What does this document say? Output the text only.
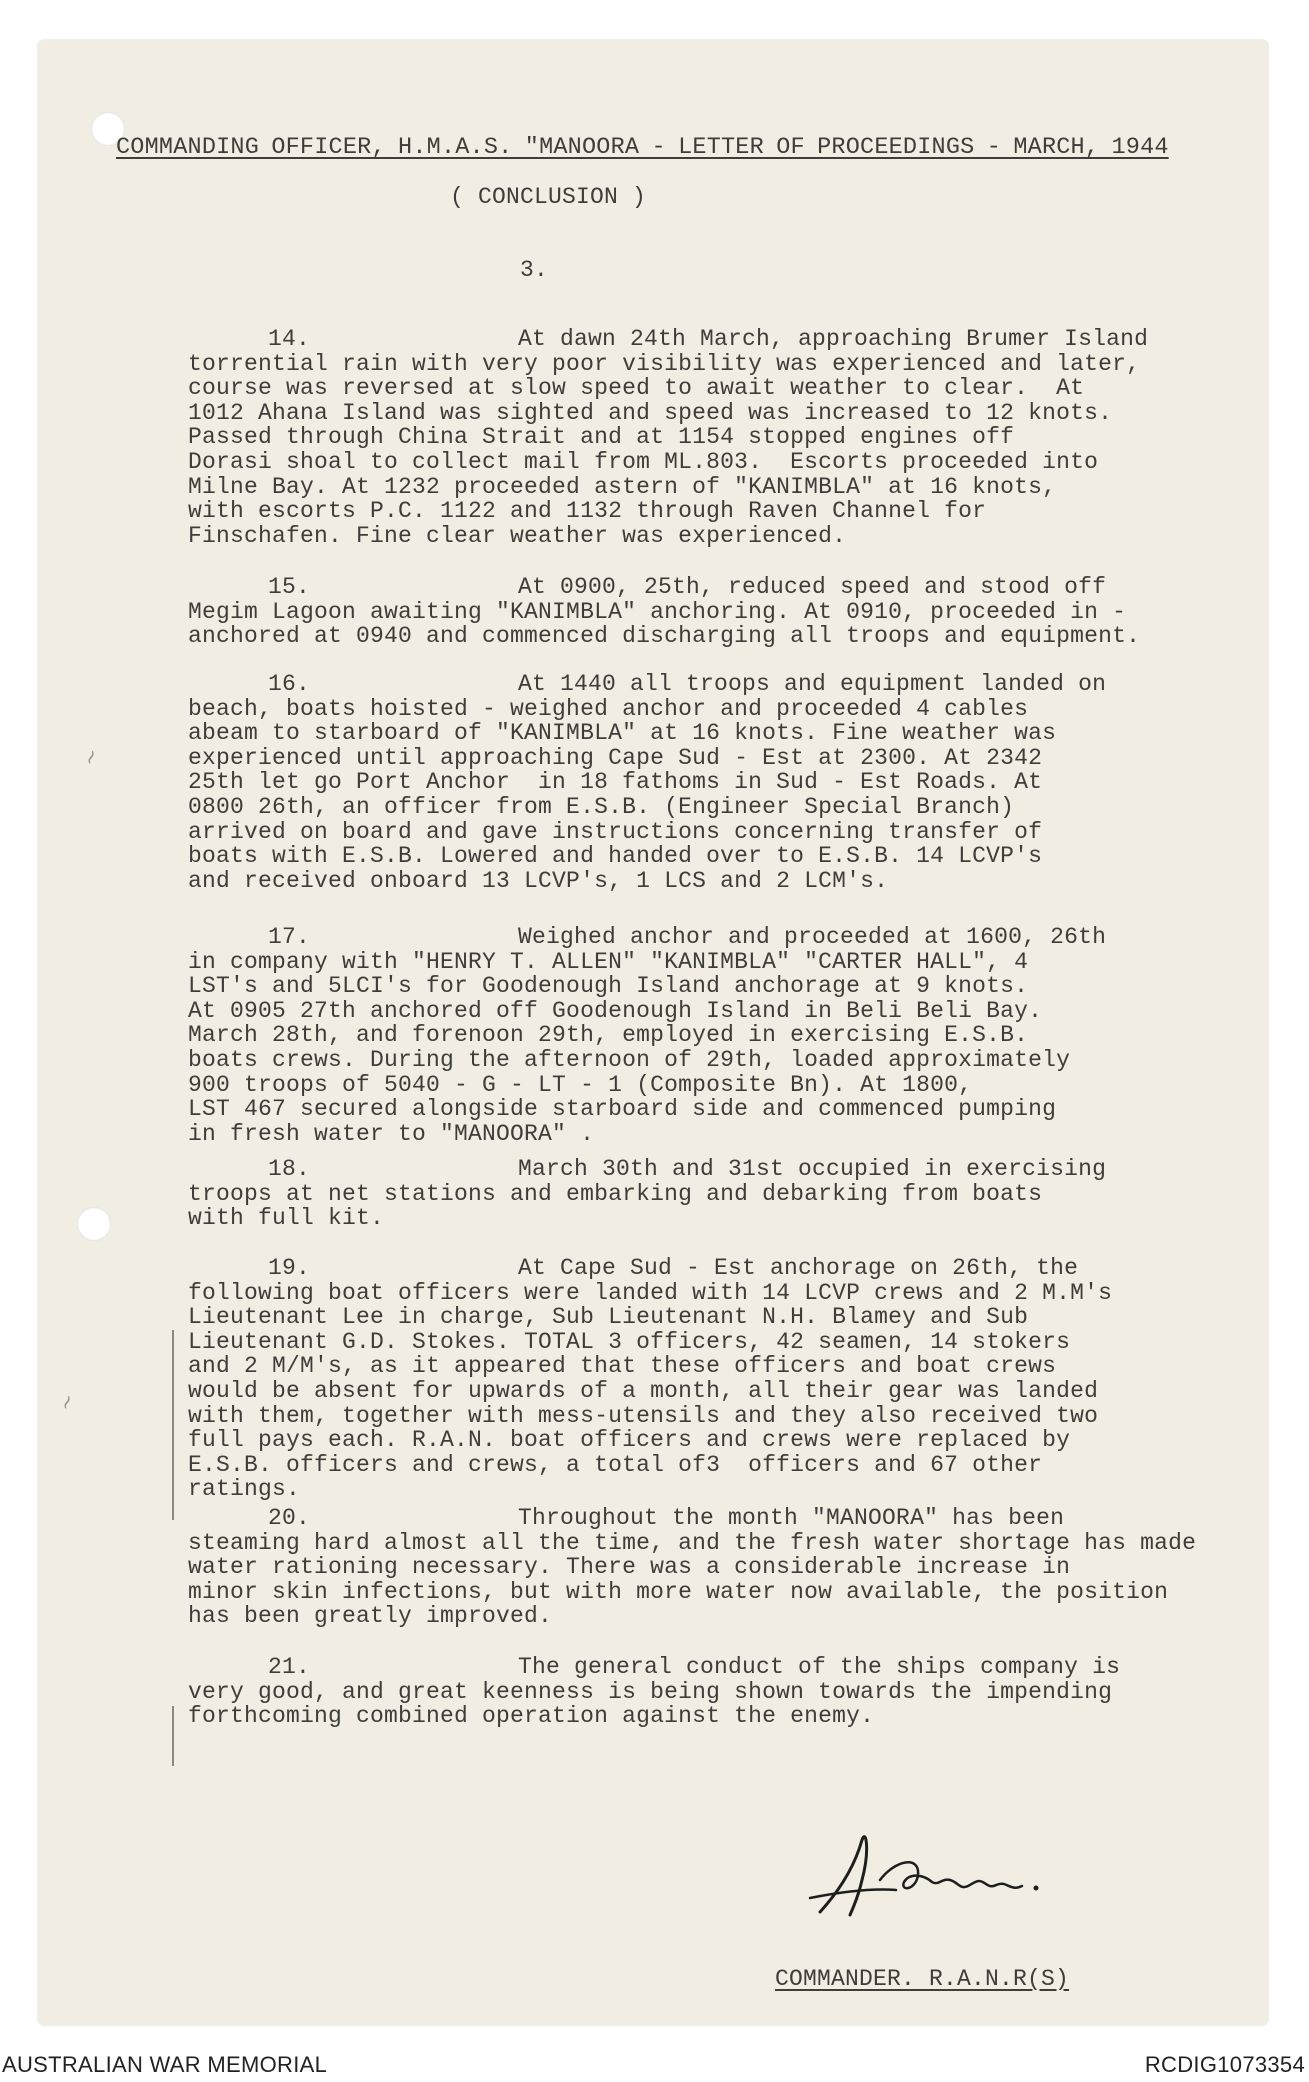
COMMANDING OFFICER, H.M.A.S. "MANOORA - LETTER OF PROCEEDINGS - MARCH, 1944
( CONCLUSION )
3.
14.	At dawn 24th March, approaching Brumer Island
torrential rain with very poor visibility was experienced and later,
course was reversed at slow speed to await weather to clear.  At
1012 Ahana Island was sighted and speed was increased to 12 knots.
Passed through China Strait and at 1154 stopped engines off
Dorasi shoal to collect mail from ML.803.  Escorts proceeded into
Milne Bay. At 1232 proceeded astern of "KANIMBLA" at 16 knots,
with escorts P.C. 1122 and 1132 through Raven Channel for
Finschafen. Fine clear weather was experienced.
15.	At 0900, 25th, reduced speed and stood off
Megim Lagoon awaiting "KANIMBLA" anchoring. At 0910, proceeded in -
anchored at 0940 and commenced discharging all troops and equipment.
16.	At 1440 all troops and equipment landed on
beach, boats hoisted - weighed anchor and proceeded 4 cables
abeam to starboard of "KANIMBLA" at 16 knots. Fine weather was
experienced until approaching Cape Sud - Est at 2300. At 2342
25th let go Port Anchor  in 18 fathoms in Sud - Est Roads. At
0800 26th, an officer from E.S.B. (Engineer Special Branch)
arrived on board and gave instructions concerning transfer of
boats with E.S.B. Lowered and handed over to E.S.B. 14 LCVP's
and received onboard 13 LCVP's, 1 LCS and 2 LCM's.
17.	Weighed anchor and proceeded at 1600, 26th
in company with "HENRY T. ALLEN" "KANIMBLA" "CARTER HALL", 4
LST's and 5LCI's for Goodenough Island anchorage at 9 knots.
At 0905 27th anchored off Goodenough Island in Beli Beli Bay.
March 28th, and forenoon 29th, employed in exercising E.S.B.
boats crews. During the afternoon of 29th, loaded approximately
900 troops of 5040 - G - LT - 1 (Composite Bn). At 1800,
LST 467 secured alongside starboard side and commenced pumping
in fresh water to "MANOORA" .
18.	March 30th and 31st occupied in exercising
troops at net stations and embarking and debarking from boats
with full kit.
19.	At Cape Sud - Est anchorage on 26th, the
following boat officers were landed with 14 LCVP crews and 2 M.M's
Lieutenant Lee in charge, Sub Lieutenant N.H. Blamey and Sub
Lieutenant G.D. Stokes. TOTAL 3 officers, 42 seamen, 14 stokers
and 2 M/M's, as it appeared that these officers and boat crews
would be absent for upwards of a month, all their gear was landed
with them, together with mess-utensils and they also received two
full pays each. R.A.N. boat officers and crews were replaced by
E.S.B. officers and crews, a total of3  officers and 67 other
ratings.
20.	Throughout the month "MANOORA" has been
steaming hard almost all the time, and the fresh water shortage has made
water rationing necessary. There was a considerable increase in
minor skin infections, but with more water now available, the position
has been greatly improved.
21.	The general conduct of the ships company is
very good, and great keenness is being shown towards the impending
forthcoming combined operation against the enemy.
~
~
COMMANDER. R.A.N.R(S)
AUSTRALIAN WAR MEMORIAL	RCDIG1073354
